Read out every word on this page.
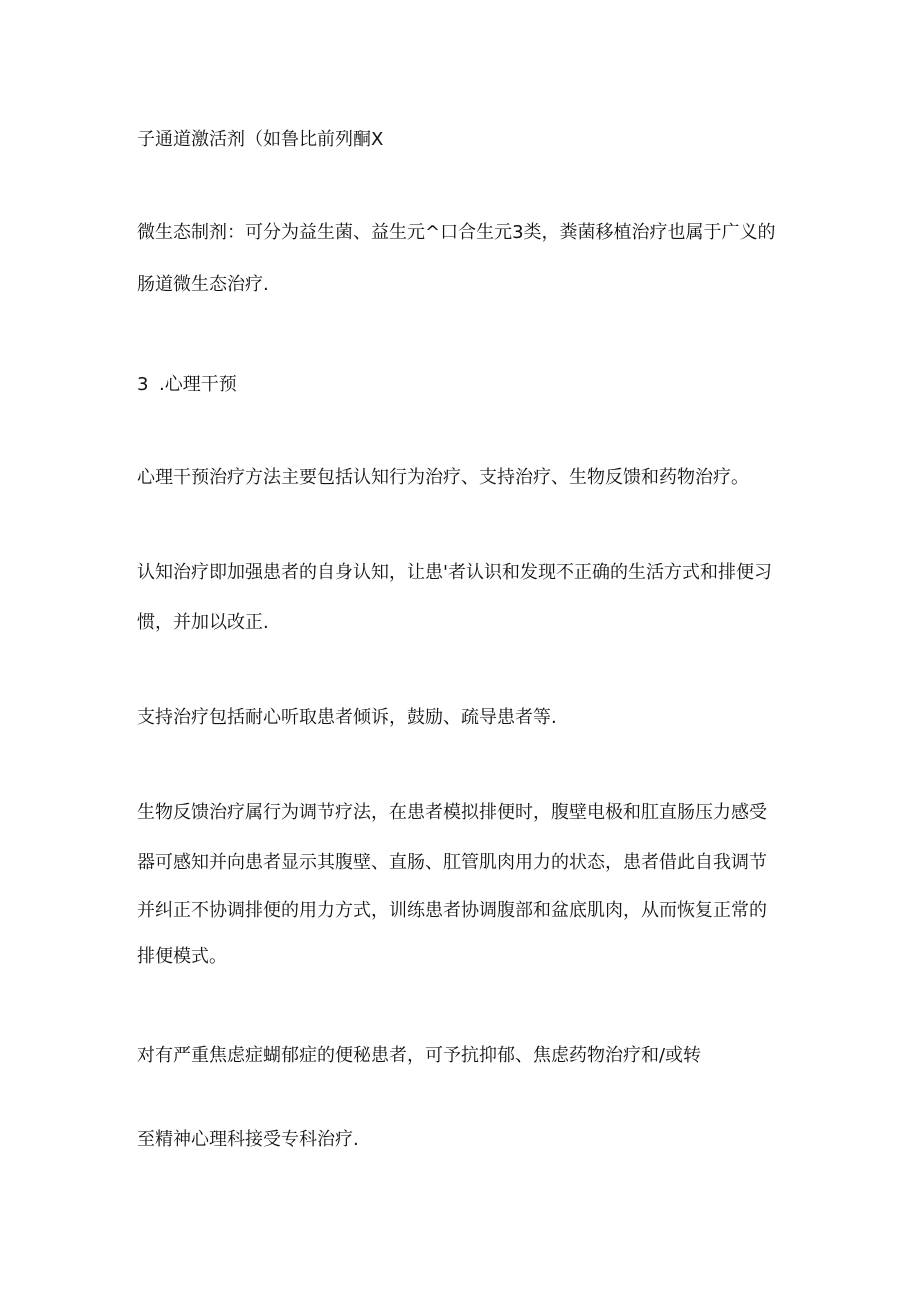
子通道激活剂（如鲁比前列酮X
微生态制剂：可分为益生菌、益生元^口合生元3类，粪菌移植治疗也属于广义的
肠道微生态治疗.
3 .心理干预
心理干预治疗方法主要包括认知行为治疗、支持治疗、生物反馈和药物治疗。
认知治疗即加强患者的自身认知，让患'者认识和发现不正确的生活方式和排便习
惯，并加以改正.
支持治疗包括耐心听取患者倾诉，鼓励、疏导患者等.
生物反馈治疗属行为调节疗法，在患者模拟排便时，腹壁电极和肛直肠压力感受
器可感知并向患者显示其腹壁、直肠、肛管肌肉用力的状态，患者借此自我调节
并纠正不协调排便的用力方式，训练患者协调腹部和盆底肌肉，从而恢复正常的
排便模式。
对有严重焦虑症蝴郁症的便秘患者，可予抗抑郁、焦虑药物治疗和/或转
至精神心理科接受专科治疗.
